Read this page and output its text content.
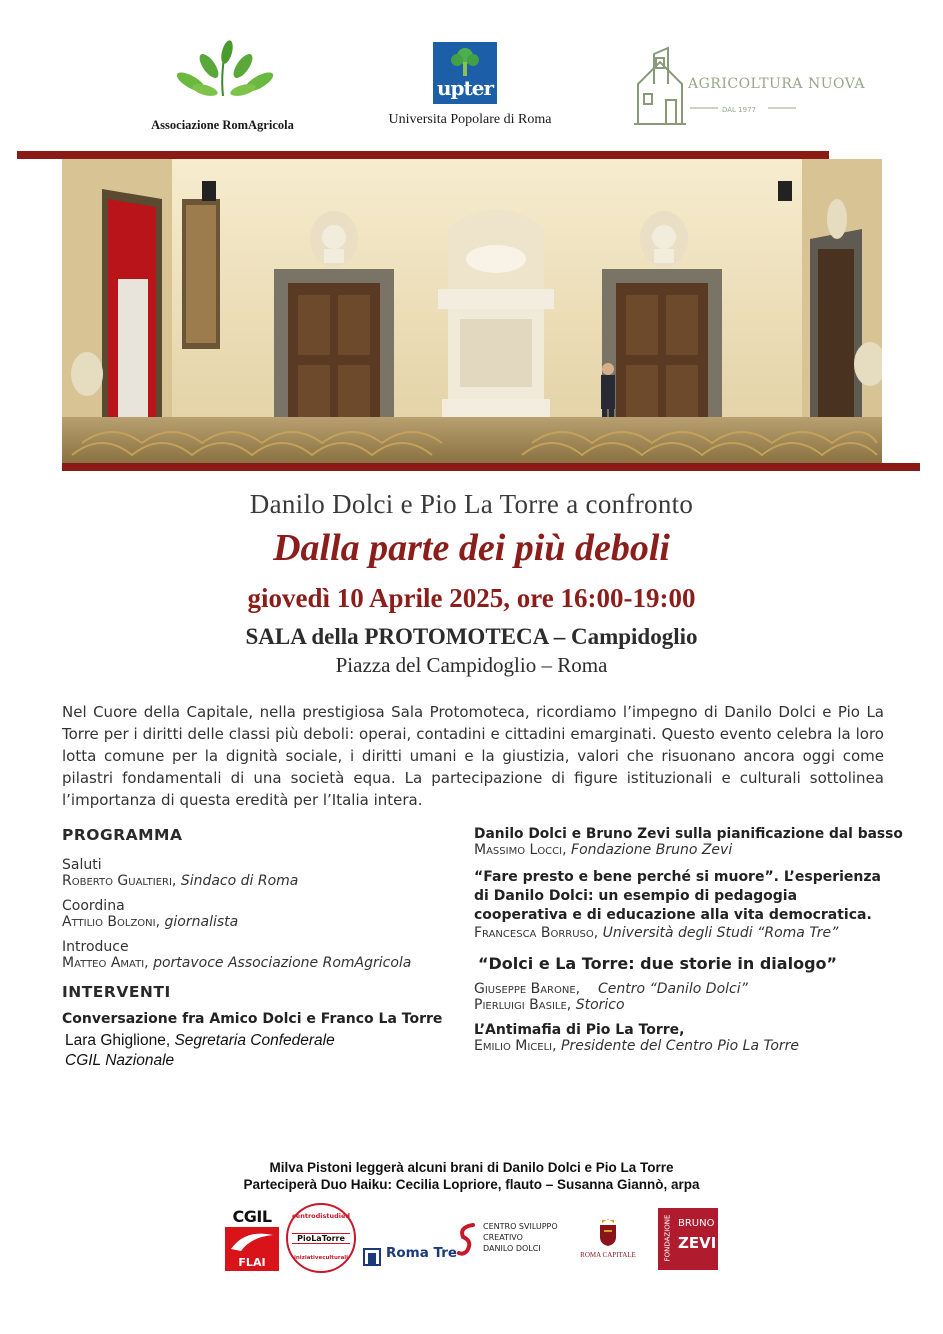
Associazione RomAgricola
upter
Universita Popolare di Roma
AGRICOLTURA NUOVA
DAL 1977
Danilo Dolci e Pio La Torre a confronto
Dalla parte dei più deboli
giovedì 10 Aprile 2025, ore 16:00-19:00
SALA della PROTOMOTECA – Campidoglio
Piazza del Campidoglio – Roma
Nel Cuore della Capitale, nella prestigiosa Sala Protomoteca, ricordiamo l’impegno di Danilo Dolci e Pio La Torre per i diritti delle classi più deboli: operai, contadini e cittadini emarginati. Questo evento celebra la loro lotta comune per la dignità sociale, i diritti umani e la giustizia, valori che risuonano ancora oggi come pilastri fondamentali di una società equa. La partecipazione di figure istituzionali e culturali sottolinea l’importanza di questa eredità per l’Italia intera.
PROGRAMMA
Saluti
Roberto Gualtieri, Sindaco di Roma
Coordina
Attilio Bolzoni, giornalista
Introduce
Matteo Amati, portavoce Associazione RomAgricola
INTERVENTI
Conversazione fra Amico Dolci e Franco La Torre
Lara Ghiglione, Segretaria Confederale
CGIL Nazionale
Danilo Dolci e Bruno Zevi sulla pianificazione dal basso
Massimo Locci, Fondazione Bruno Zevi
“Fare presto e bene perché si muore”. L’esperienza di Danilo Dolci: un esempio di pedagogia cooperativa e di educazione alla vita democratica.
Francesca Borruso, Università degli Studi “Roma Tre”
“Dolci e La Torre: due storie in dialogo”
Giuseppe Barone, Centro “Danilo Dolci”
Pierluigi Basile, Storico
L’Antimafia di Pio La Torre,
Emilio Miceli, Presidente del Centro Pio La Torre
Milva Pistoni leggerà alcuni brani di Danilo Dolci e Pio La Torre
Parteciperà Duo Haiku: Cecilia Lopriore, flauto – Susanna Giannò, arpa
CGIL
FLAI
centrodistudied
PioLaTorre
iniziativeculturali	Roma Tre
CENTRO SVILUPPO
CREATIVO
DANILO DOLCI
ROMA CAPITALE	FONDAZIONE BRUNO
ZEVI
